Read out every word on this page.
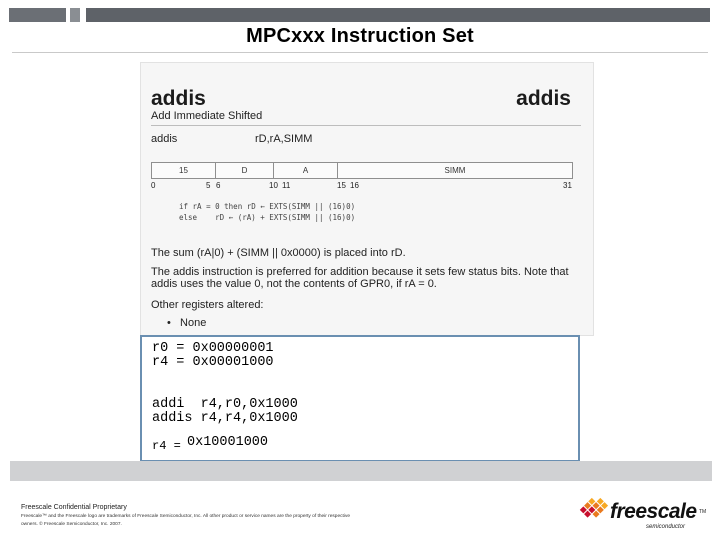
MPCxxx Instruction Set
addis	addis
Add Immediate Shifted
addis	rD,rA,SIMM
15	D	A	SIMM
0	5 6	10 11	15 16	31
if rA = 0 then rD ← EXTS(SIMM || (16)0)
else    rD ← (rA) + EXTS(SIMM || (16)0)
The sum (rA|0) + (SIMM || 0x0000) is placed into rD.
The addis instruction is preferred for addition because it sets few status bits. Note that addis uses the value 0, not the contents of GPR0, if rA = 0.
Other registers altered:
•   None
r0 = 0x00000001
r4 = 0x00001000
addi  r4,r0,0x1000
addis r4,r4,0x1000
r4 = 0x10001000
Freescale Confidential Proprietary
Freescale™ and the Freescale logo are trademarks of Freescale Semiconductor, Inc. All other product or service names are the property of their respective owners. © Freescale Semiconductor, Inc. 2007.
freescale TM
semiconductor
